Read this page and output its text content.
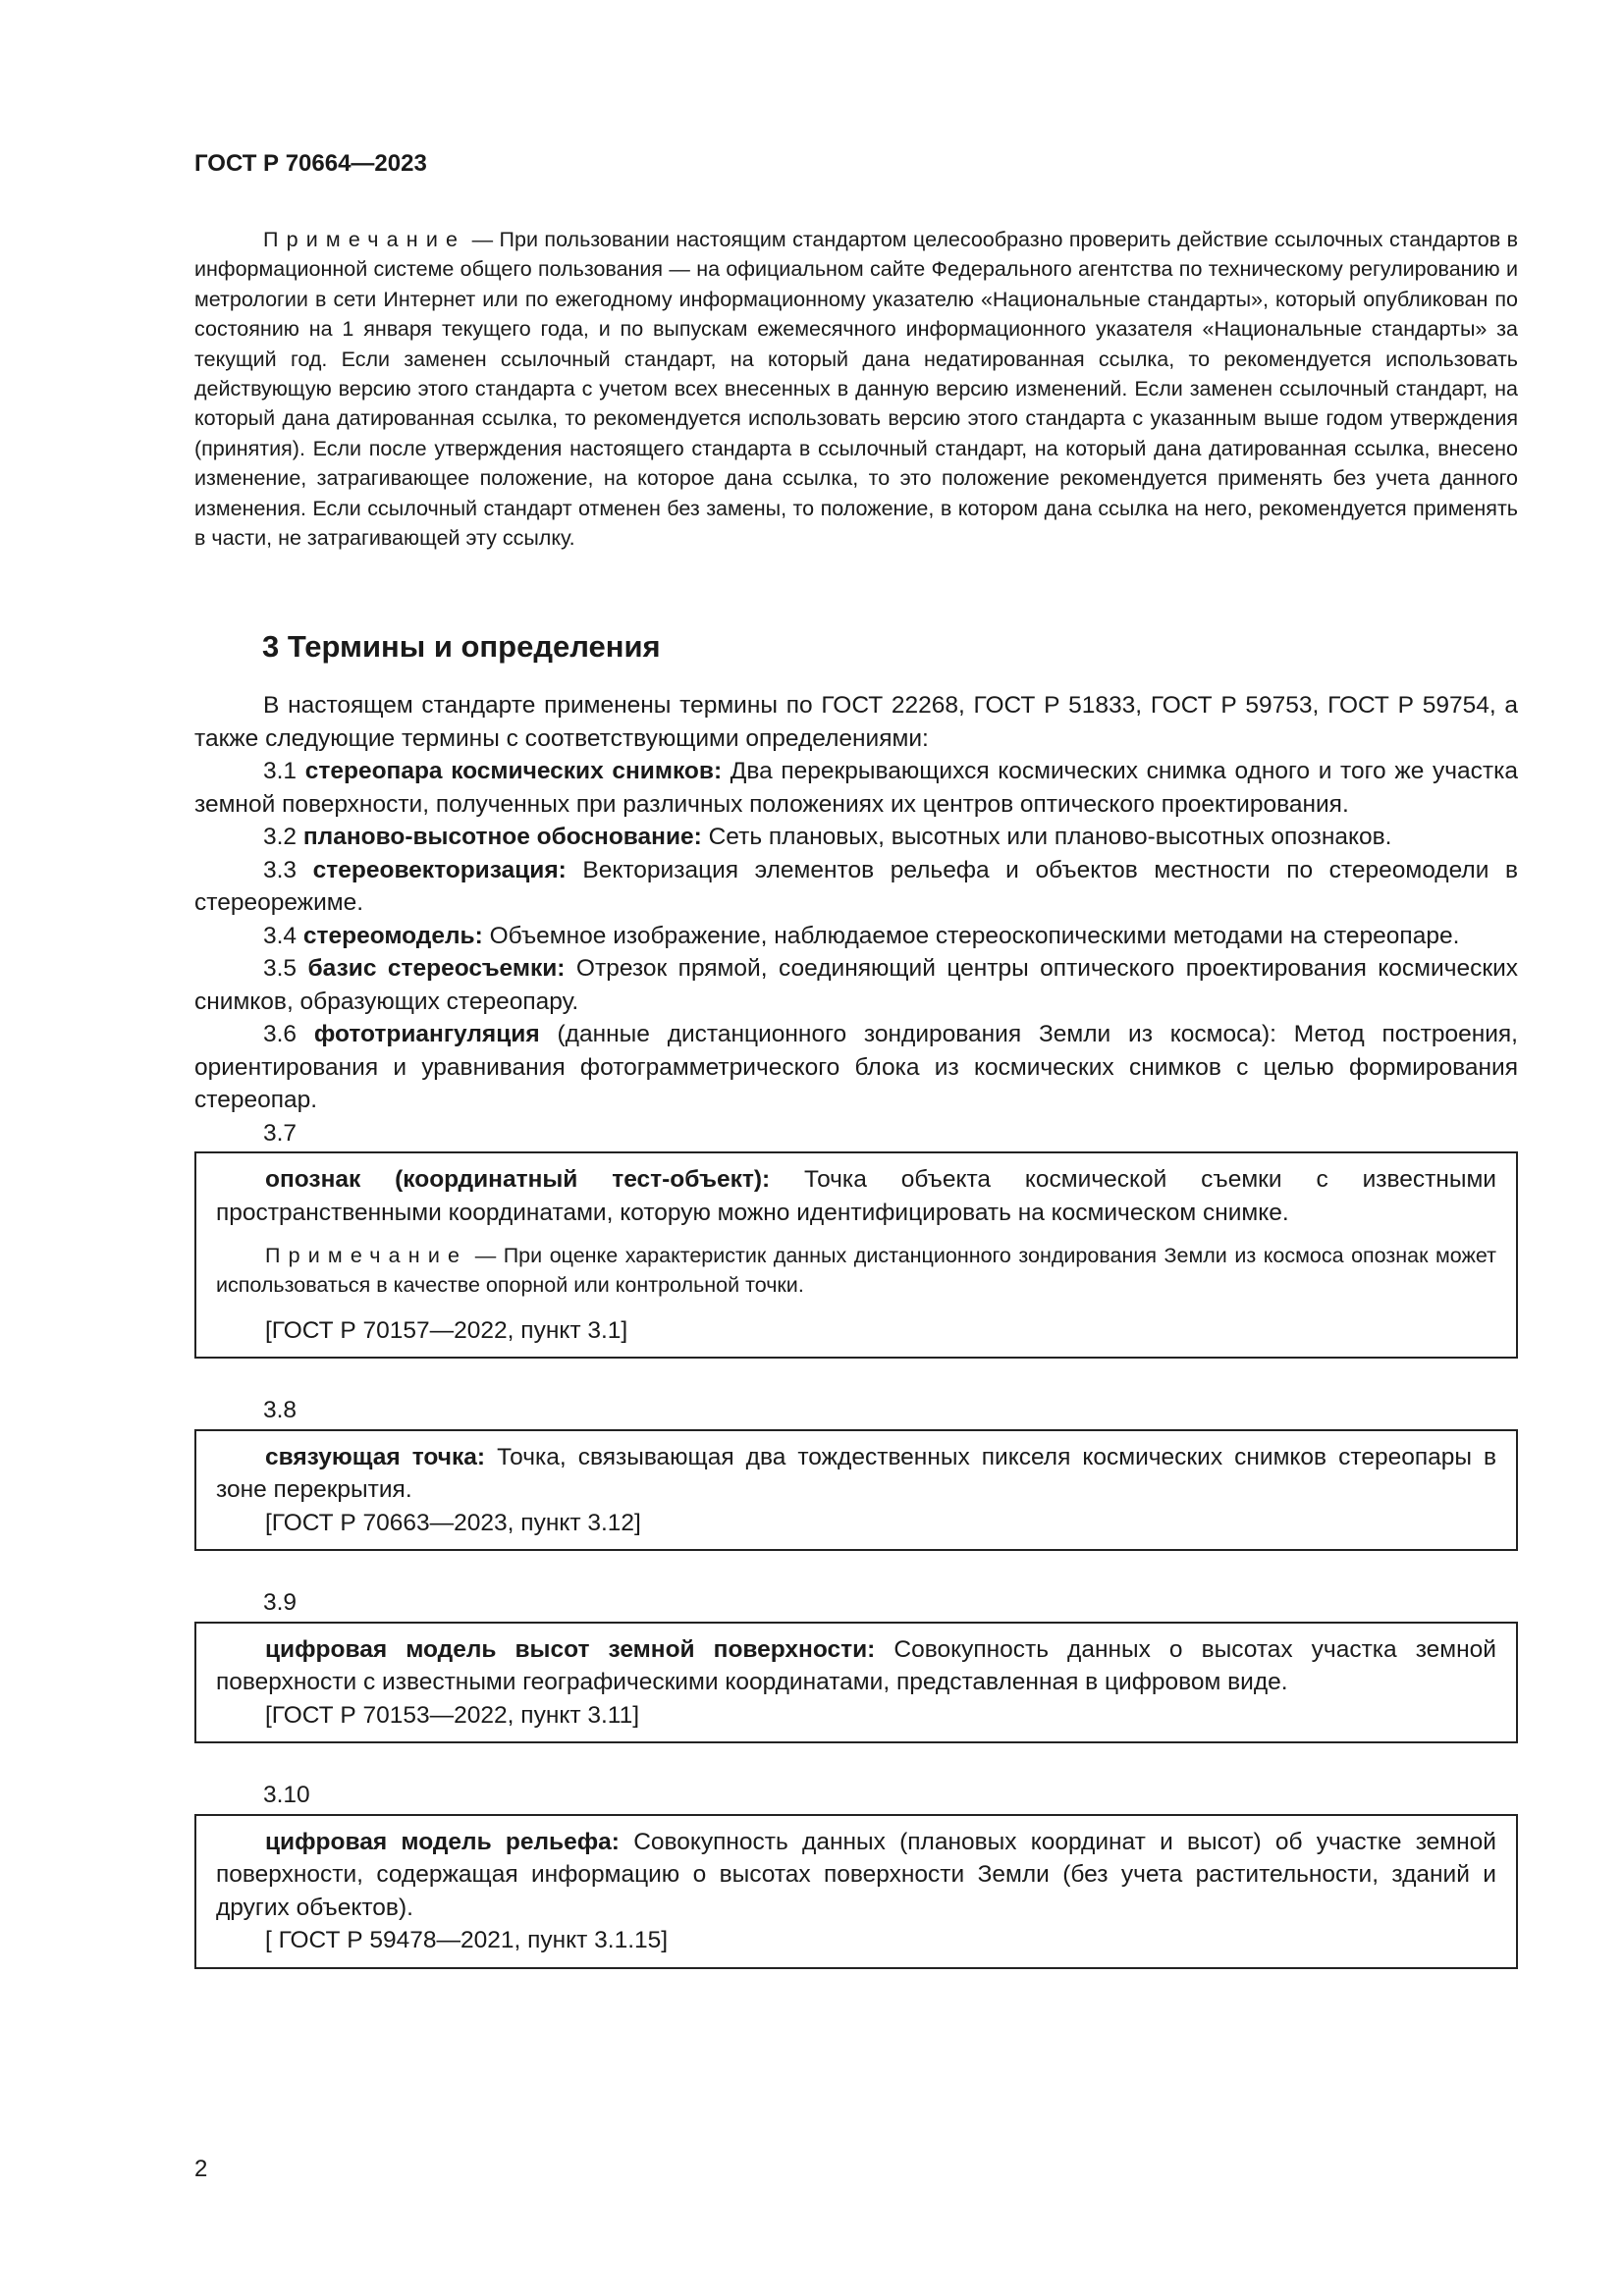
ГОСТ Р 70664—2023
Примечание — При пользовании настоящим стандартом целесообразно проверить действие ссылочных стандартов в информационной системе общего пользования — на официальном сайте Федерального агентства по техническому регулированию и метрологии в сети Интернет или по ежегодному информационному указателю «Национальные стандарты», который опубликован по состоянию на 1 января текущего года, и по выпускам ежемесячного информационного указателя «Национальные стандарты» за текущий год. Если заменен ссылочный стандарт, на который дана недатированная ссылка, то рекомендуется использовать действующую версию этого стандарта с учетом всех внесенных в данную версию изменений. Если заменен ссылочный стандарт, на который дана датированная ссылка, то рекомендуется использовать версию этого стандарта с указанным выше годом утверждения (принятия). Если после утверждения настоящего стандарта в ссылочный стандарт, на который дана датированная ссылка, внесено изменение, затрагивающее положение, на которое дана ссылка, то это положение рекомендуется применять без учета данного изменения. Если ссылочный стандарт отменен без замены, то положение, в котором дана ссылка на него, рекомендуется применять в части, не затрагивающей эту ссылку.
3 Термины и определения

В настоящем стандарте применены термины по ГОСТ 22268, ГОСТ Р 51833, ГОСТ Р 59753, ГОСТ Р 59754, а также следующие термины с соответствующими определениями:

3.1 стереопара космических снимков: Два перекрывающихся космических снимка одного и того же участка земной поверхности, полученных при различных положениях их центров оптического проектирования.

3.2 планово-высотное обоснование: Сеть плановых, высотных или планово-высотных опознаков.

3.3 стереовекторизация: Векторизация элементов рельефа и объектов местности по стереомодели в стереорежиме.

3.4 стереомодель: Объемное изображение, наблюдаемое стереоскопическими методами на стереопаре.

3.5 базис стереосъемки: Отрезок прямой, соединяющий центры оптического проектирования космических снимков, образующих стереопару.

3.6 фототриангуляция (данные дистанционного зондирования Земли из космоса): Метод построения, ориентирования и уравнивания фотограмметрического блока из космических снимков с целью формирования стереопар.

3.7

опознак (координатный тест-объект): Точка объекта космической съемки с известными пространственными координатами, которую можно идентифицировать на космическом снимке.

Примечание — При оценке характеристик данных дистанционного зондирования Земли из космоса опознак может использоваться в качестве опорной или контрольной точки.

[ГОСТ Р 70157—2022, пункт 3.1]

3.8

связующая точка: Точка, связывающая два тождественных пикселя космических снимков стереопары в зоне перекрытия.

[ГОСТ Р 70663—2023, пункт 3.12]

3.9

цифровая модель высот земной поверхности: Совокупность данных о высотах участка земной поверхности с известными географическими координатами, представленная в цифровом виде.

[ГОСТ Р 70153—2022, пункт 3.11]

3.10

цифровая модель рельефа: Совокупность данных (плановых координат и высот) об участке земной поверхности, содержащая информацию о высотах поверхности Земли (без учета растительности, зданий и других объектов).

[ ГОСТ Р 59478—2021, пункт 3.1.15]

2
